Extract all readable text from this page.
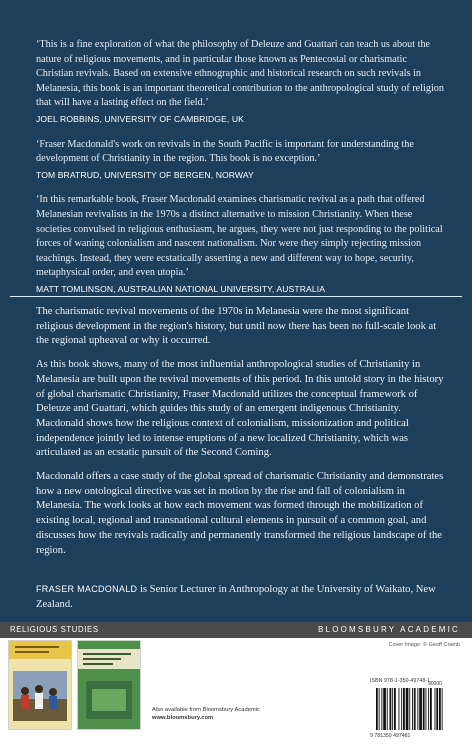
‘This is a fine exploration of what the philosophy of Deleuze and Guattari can teach us about the nature of religious movements, and in particular those known as Pentecostal or charismatic Christian revivals. Based on extensive ethnographic and historical research on such revivals in Melanesia, this book is an important theoretical contribution to the anthropological study of religion that will have a lasting effect on the field.’
JOEL ROBBINS, UNIVERSITY OF CAMBRIDGE, UK
‘Fraser Macdonald's work on revivals in the South Pacific is important for understanding the development of Christianity in the region. This book is no exception.’
TOM BRATRUD, UNIVERSITY OF BERGEN, NORWAY
‘In this remarkable book, Fraser Macdonald examines charismatic revival as a path that offered Melanesian revivalists in the 1970s a distinct alternative to mission Christianity. When these societies convulsed in religious enthusiasm, he argues, they were not just responding to the political forces of waning colonialism and nascent nationalism. Nor were they simply rejecting mission teachings. Instead, they were ecstatically asserting a new and different way to hope, security, metaphysical order, and even utopia.’
MATT TOMLINSON, AUSTRALIAN NATIONAL UNIVERSITY, AUSTRALIA

The charismatic revival movements of the 1970s in Melanesia were the most significant religious development in the region's history, but until now there has been no full-scale look at the regional upheaval or why it occurred.

As this book shows, many of the most influential anthropological studies of Christianity in Melanesia are built upon the revival movements of this period. In this untold story in the history of global charismatic Christianity, Fraser Macdonald utilizes the conceptual framework of Deleuze and Guattari, which guides this study of an emergent indigenous Christianity. Macdonald shows how the religious context of colonialism, missionization and political independence jointly led to intense eruptions of a new localized Christianity, which was articulated as an ecstatic pursuit of the Second Coming.

Macdonald offers a case study of the global spread of charismatic Christianity and demonstrates how a new ontological directive was set in motion by the rise and fall of colonialism in Melanesia. The work looks at how each movement was formed through the mobilization of existing local, regional and transnational cultural elements in pursuit of a common goal, and discusses how the revivals radically and permanently transformed the religious landscape of the region.

FRASER MACDONALD is Senior Lecturer in Anthropology at the University of Waikato, New Zealand.

RELIGIOUS STUDIES	BLOOMSBURY ACADEMIC
Also available from Bloomsbury Academic
www.bloomsbury.com
Cover Image: © Geoff Cramb
ISBN 978-1-350-49748-1
90000
9 781350 497481
